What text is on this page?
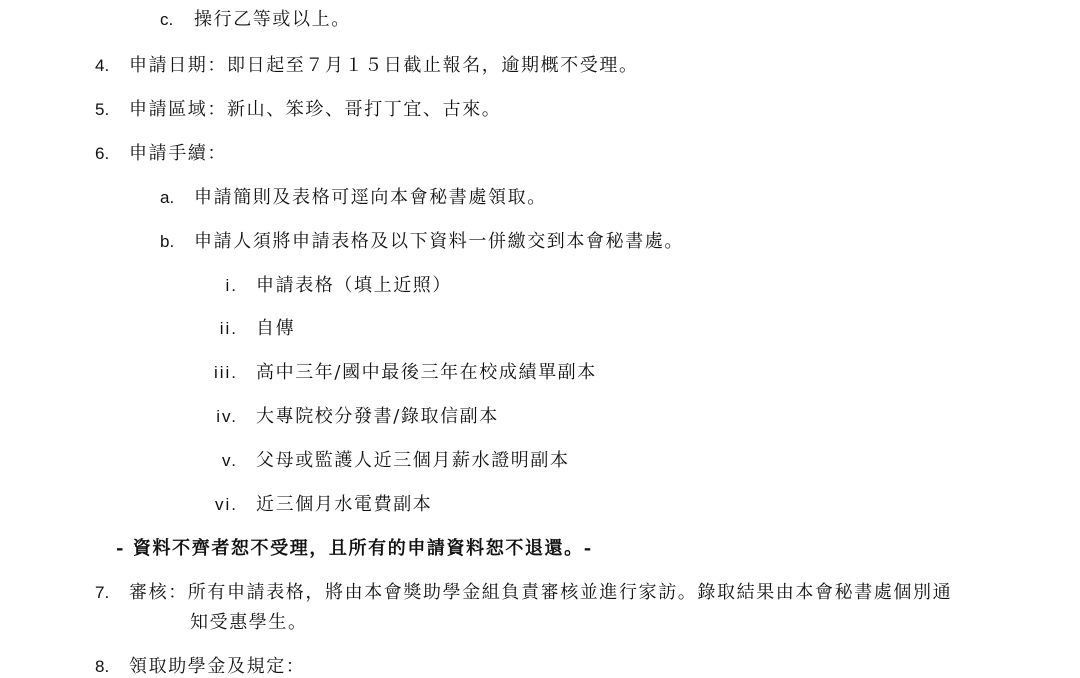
c. 操行乙等或以上。
4. 申請日期：即日起至７月１５日截止報名，逾期概不受理。
5. 申請區域：新山、笨珍、哥打丁宜、古來。
6. 申請手續：
a. 申請簡則及表格可逕向本會秘書處領取。
b. 申請人須將申請表格及以下資料一併繳交到本會秘書處。
i. 申請表格（填上近照）
ii. 自傳
iii. 高中三年/國中最後三年在校成績單副本
iv. 大專院校分發書/錄取信副本
v. 父母或監護人近三個月薪水證明副本
vi. 近三個月水電費副本
- 資料不齊者恕不受理，且所有的申請資料恕不退還。-
7. 審核：所有申請表格，將由本會獎助學金組負責審核並進行家訪。錄取結果由本會秘書處個別通
知受惠學生。
8. 領取助學金及規定：
